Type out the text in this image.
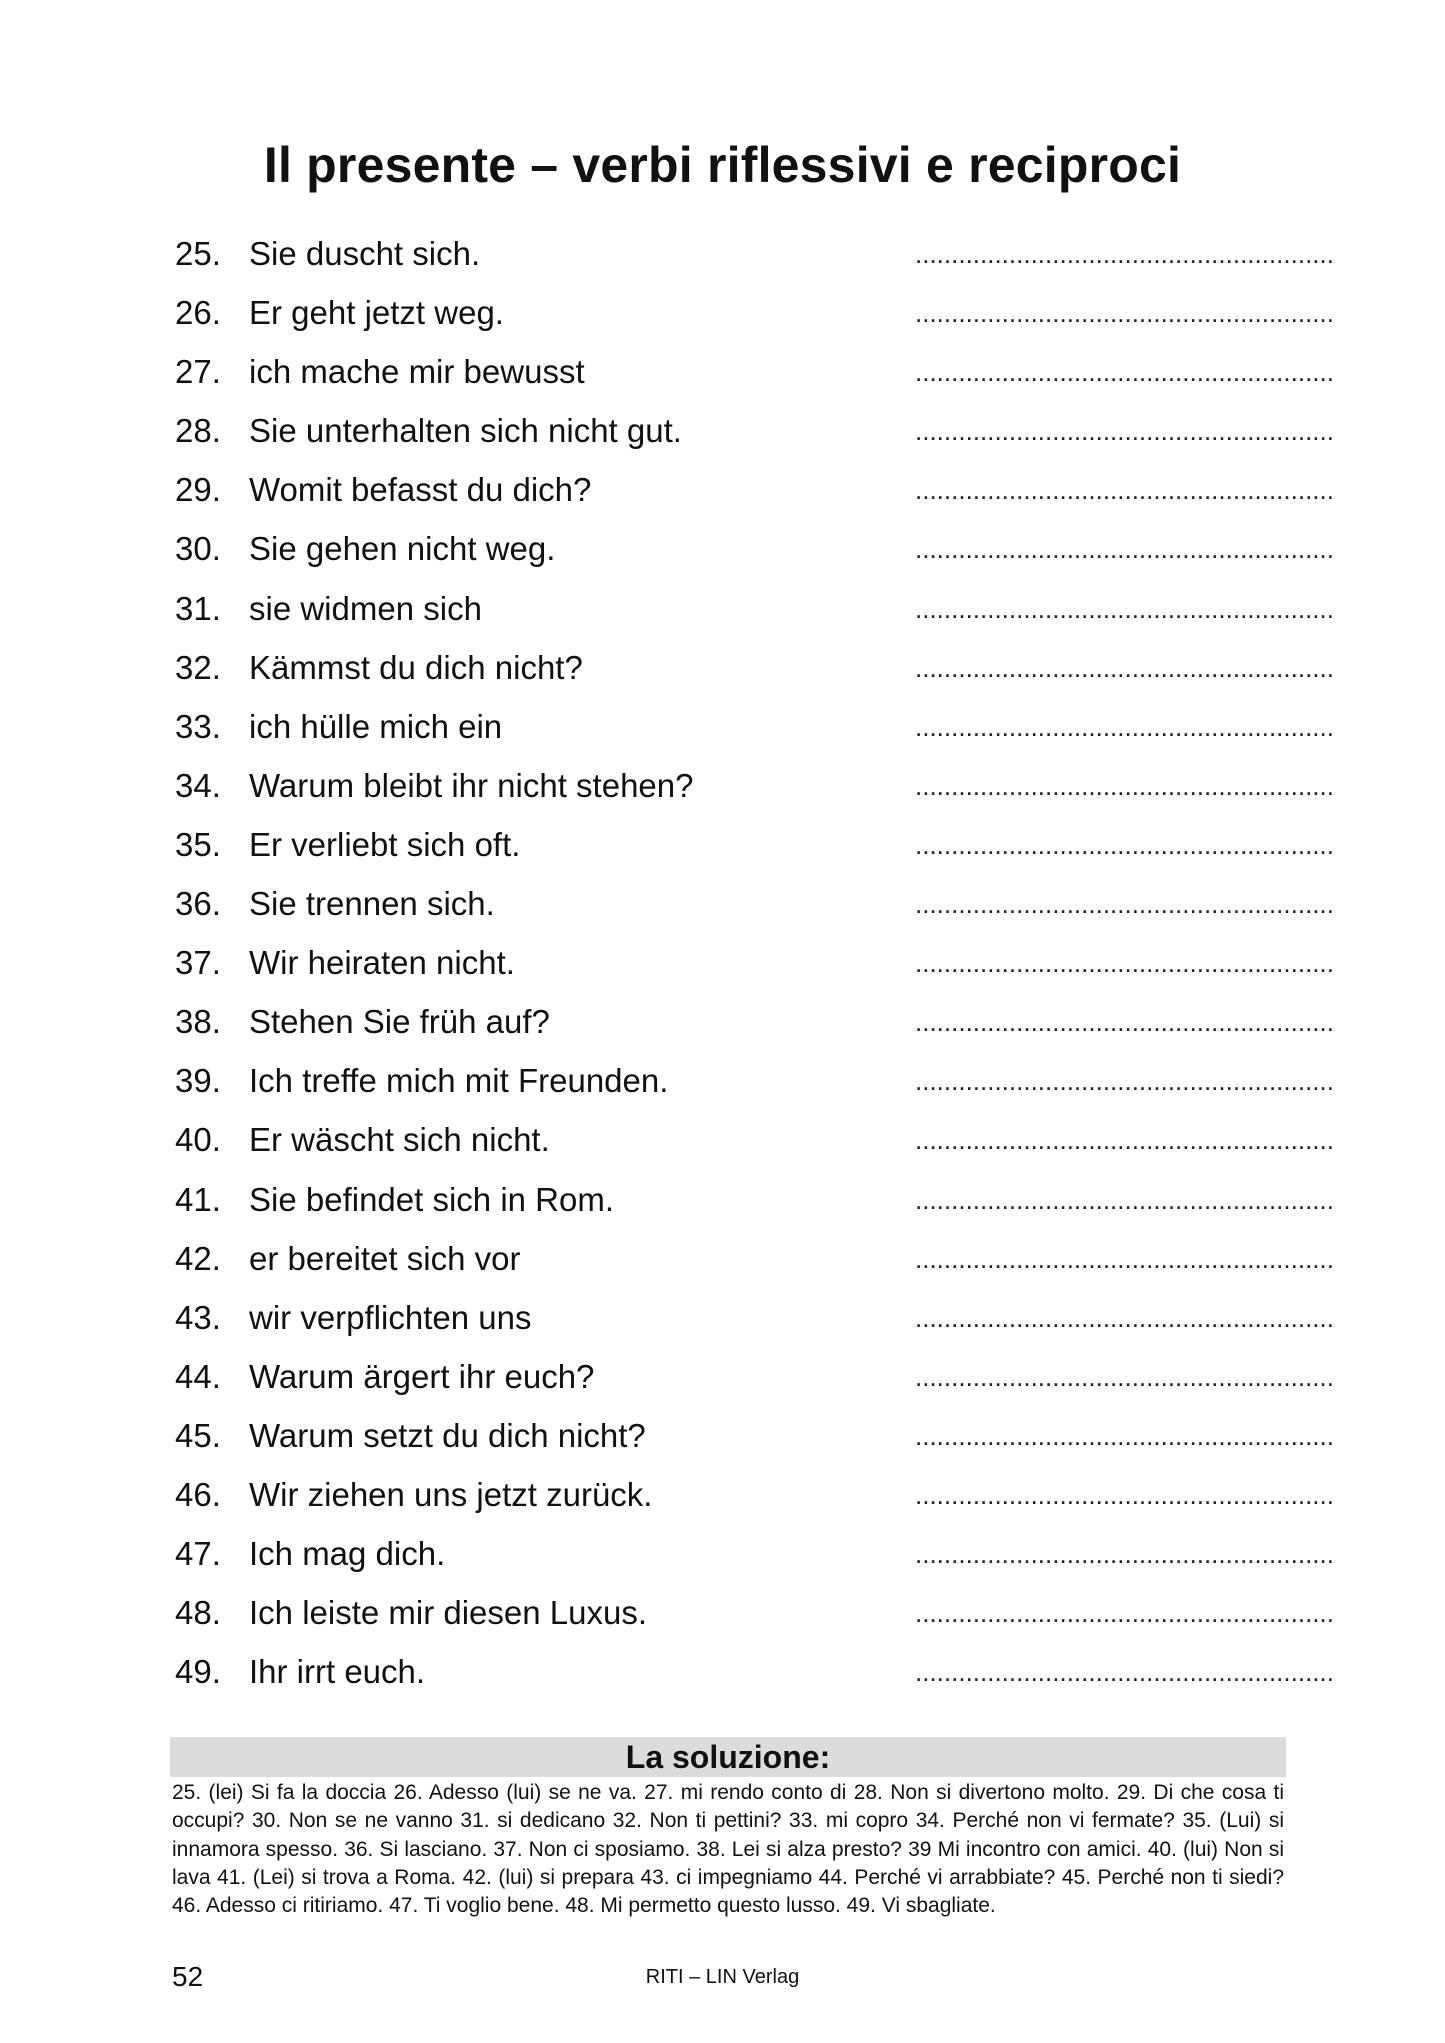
Il presente – verbi riflessivi e reciproci
25. Sie duscht sich.	..........................................................
26. Er geht jetzt weg.	..........................................................
27. ich mache mir bewusst	..........................................................
28. Sie unterhalten sich nicht gut.	..........................................................
29. Womit befasst du dich?	..........................................................
30. Sie gehen nicht weg.	..........................................................
31. sie widmen sich	..........................................................
32. Kämmst du dich nicht?	..........................................................
33. ich hülle mich ein	..........................................................
34. Warum bleibt ihr nicht stehen?	..........................................................
35. Er verliebt sich oft.	..........................................................
36. Sie trennen sich.	..........................................................
37. Wir heiraten nicht.	..........................................................
38. Stehen Sie früh auf?	..........................................................
39. Ich treffe mich mit Freunden.	..........................................................
40. Er wäscht sich nicht.	..........................................................
41. Sie befindet sich in Rom.	..........................................................
42. er bereitet sich vor	..........................................................
43. wir verpflichten uns	..........................................................
44. Warum ärgert ihr euch?	..........................................................
45. Warum setzt du dich nicht?	..........................................................
46. Wir ziehen uns jetzt zurück.	..........................................................
47. Ich mag dich.	..........................................................
48. Ich leiste mir diesen Luxus.	..........................................................
49. Ihr irrt euch.	..........................................................
La soluzione:

25. (lei) Si fa la doccia 26. Adesso (lui) se ne va. 27. mi rendo conto di 28. Non si divertono molto. 29. Di che cosa ti occupi? 30. Non se ne vanno 31. si dedicano 32. Non ti pettini? 33. mi copro 34. Perché non vi fermate? 35. (Lui) si innamora spesso. 36. Si lasciano. 37. Non ci sposiamo. 38. Lei si alza presto? 39 Mi incontro con amici. 40. (lui) Non si lava 41. (Lei) si trova a Roma. 42. (lui) si prepara 43. ci impegniamo 44. Perché vi arrabbiate? 45. Perché non ti siedi? 46. Adesso ci ritiriamo. 47. Ti voglio bene. 48. Mi permetto questo lusso. 49. Vi sbagliate.

52	RITI – LIN Verlag
